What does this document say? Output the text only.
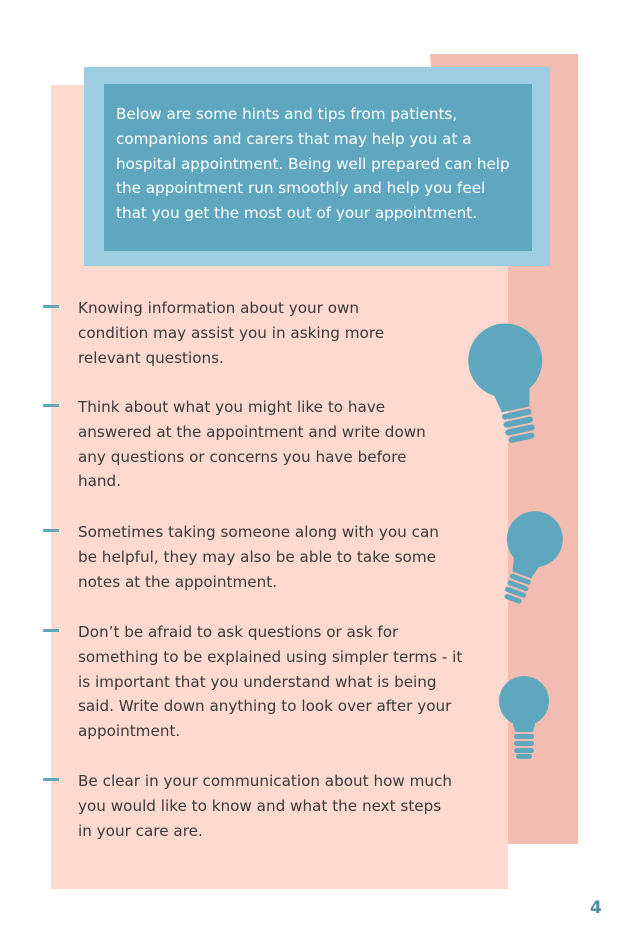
Below are some hints and tips from patients, companions and carers that may help you at a hospital appointment. Being well prepared can help the appointment run smoothly and help you feel that you get the most out of your appointment.

Knowing information about your own condition may assist you in asking more relevant questions.

Think about what you might like to have answered at the appointment and write down any questions or concerns you have before hand.

Sometimes taking someone along with you can be helpful, they may also be able to take some notes at the appointment.

Don’t be afraid to ask questions or ask for something to be explained using simpler terms - it is important that you understand what is being said. Write down anything to look over after your appointment.

Be clear in your communication about how much you would like to know and what the next steps in your care are.

4
